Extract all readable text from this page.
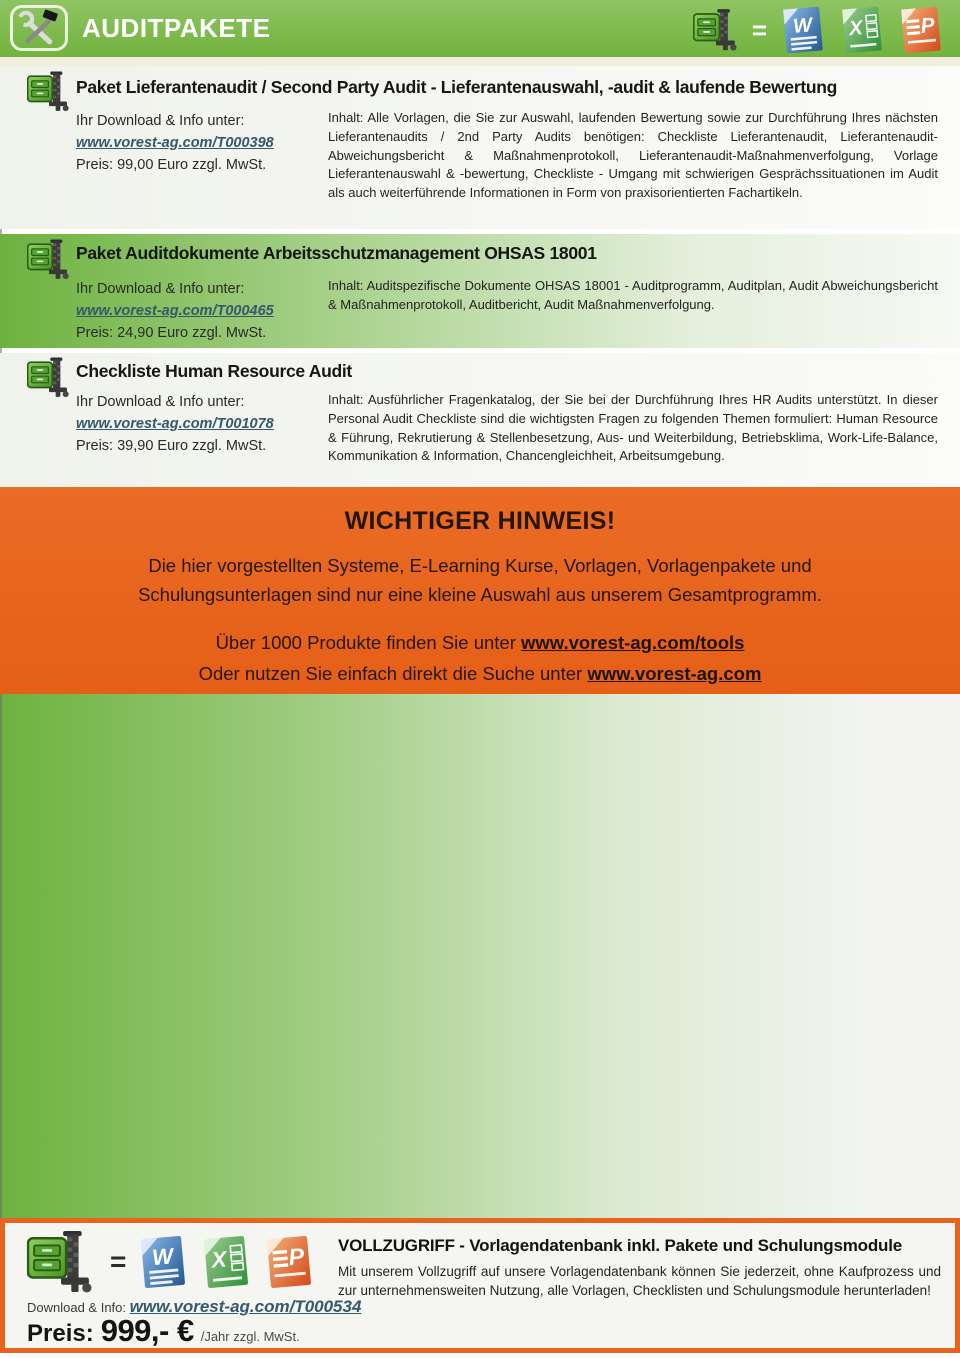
AUDITPAKETE	=
Paket Lieferantenaudit / Second Party Audit - Lieferantenauswahl, -audit & laufende Bewertung
Ihr Download & Info unter:
www.vorest-ag.com/T000398
Preis: 99,00 Euro zzgl. MwSt.

Inhalt: Alle Vorlagen, die Sie zur Auswahl, laufenden Bewertung sowie zur Durchführung Ihres nächsten Lieferantenaudits / 2nd Party Audits benötigen: Checkliste Lieferantenaudit, Lieferantenaudit-Abweichungsbericht & Maßnahmenprotokoll, Lieferantenaudit-Maßnahmenverfolgung, Vorlage Lieferantenauswahl & -bewertung, Checkliste - Umgang mit schwierigen Gesprächssituationen im Audit als auch weiterführende Informationen in Form von praxisorientierten Fachartikeln.

Paket Auditdokumente Arbeitsschutzmanagement OHSAS 18001
Ihr Download & Info unter:
www.vorest-ag.com/T000465
Preis: 24,90 Euro zzgl. MwSt.

Inhalt: Auditspezifische Dokumente OHSAS 18001 - Auditprogramm, Auditplan, Audit Abweichungsbericht & Maßnahmenprotokoll, Auditbericht, Audit Maßnahmenverfolgung.

Checkliste Human Resource Audit
Ihr Download & Info unter:
www.vorest-ag.com/T001078
Preis: 39,90 Euro zzgl. MwSt.

Inhalt: Ausführlicher Fragenkatalog, der Sie bei der Durchführung Ihres HR Audits unterstützt. In dieser Personal Audit Checkliste sind die wichtigsten Fragen zu folgenden Themen formuliert: Human Resource & Führung, Rekrutierung & Stellenbesetzung, Aus- und Weiterbildung, Betriebsklima, Work-Life-Balance, Kommunikation & Information, Chancengleichheit, Arbeitsumgebung.

WICHTIGER HINWEIS!

Die hier vorgestellten Systeme, E-Learning Kurse, Vorlagen, Vorlagenpakete und Schulungsunterlagen sind nur eine kleine Auswahl aus unserem Gesamtprogramm.

Über 1000 Produkte finden Sie unter www.vorest-ag.com/tools
Oder nutzen Sie einfach direkt die Suche unter www.vorest-ag.com
=
Download & Info: www.vorest-ag.com/T000534
Preis: 999,- € /Jahr zzgl. MwSt.
VOLLZUGRIFF - Vorlagendatenbank inkl. Pakete und Schulungsmodule

Mit unserem Vollzugriff auf unsere Vorlagendatenbank können Sie jederzeit, ohne Kaufprozess und zur unternehmensweiten Nutzung, alle Vorlagen, Checklisten und Schulungsmodule herunterladen!
